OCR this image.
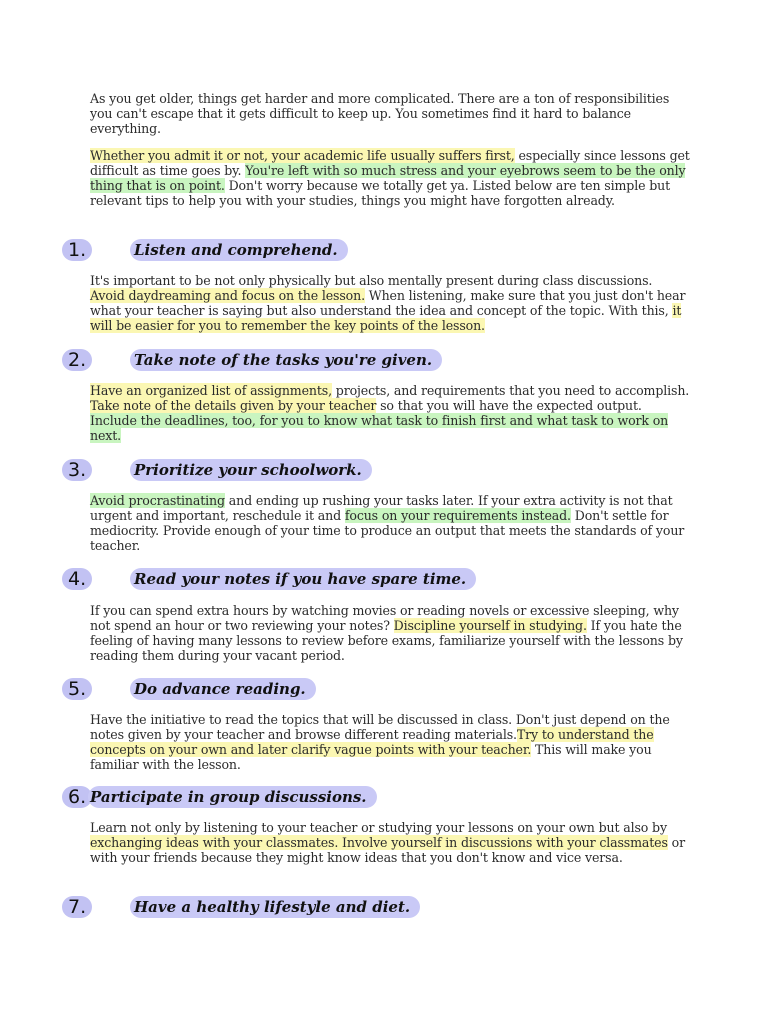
As you get older, things get harder and more complicated. There are a ton of responsibilities you can't escape that it gets difficult to keep up. You sometimes find it hard to balance everything.

Whether you admit it or not, your academic life usually suffers first, especially since lessons get difficult as time goes by. You're left with so much stress and your eyebrows seem to be the only thing that is on point. Don't worry because we totally get ya. Listed below are ten simple but relevant tips to help you with your studies, things you might have forgotten already.

1.	Listen and comprehend.

It's important to be not only physically but also mentally present during class discussions. Avoid daydreaming and focus on the lesson. When listening, make sure that you just don't hear what your teacher is saying but also understand the idea and concept of the topic. With this, it will be easier for you to remember the key points of the lesson.

2.	Take note of the tasks you're given.

Have an organized list of assignments, projects, and requirements that you need to accomplish. Take note of the details given by your teacher so that you will have the expected output. Include the deadlines, too, for you to know what task to finish first and what task to work on next.

3.	Prioritize your schoolwork.

Avoid procrastinating and ending up rushing your tasks later. If your extra activity is not that urgent and important, reschedule it and focus on your requirements instead. Don't settle for mediocrity. Provide enough of your time to produce an output that meets the standards of your teacher.

4.	Read your notes if you have spare time.

If you can spend extra hours by watching movies or reading novels or excessive sleeping, why not spend an hour or two reviewing your notes? Discipline yourself in studying. If you hate the feeling of having many lessons to review before exams, familiarize yourself with the lessons by reading them during your vacant period.

5.	Do advance reading.

Have the initiative to read the topics that will be discussed in class. Don't just depend on the notes given by your teacher and browse different reading materials.Try to understand the concepts on your own and later clarify vague points with your teacher. This will make you familiar with the lesson.

6. Participate in group discussions.

Learn not only by listening to your teacher or studying your lessons on your own but also by exchanging ideas with your classmates. Involve yourself in discussions with your classmates or with your friends because they might know ideas that you don't know and vice versa.

7.	Have a healthy lifestyle and diet.
